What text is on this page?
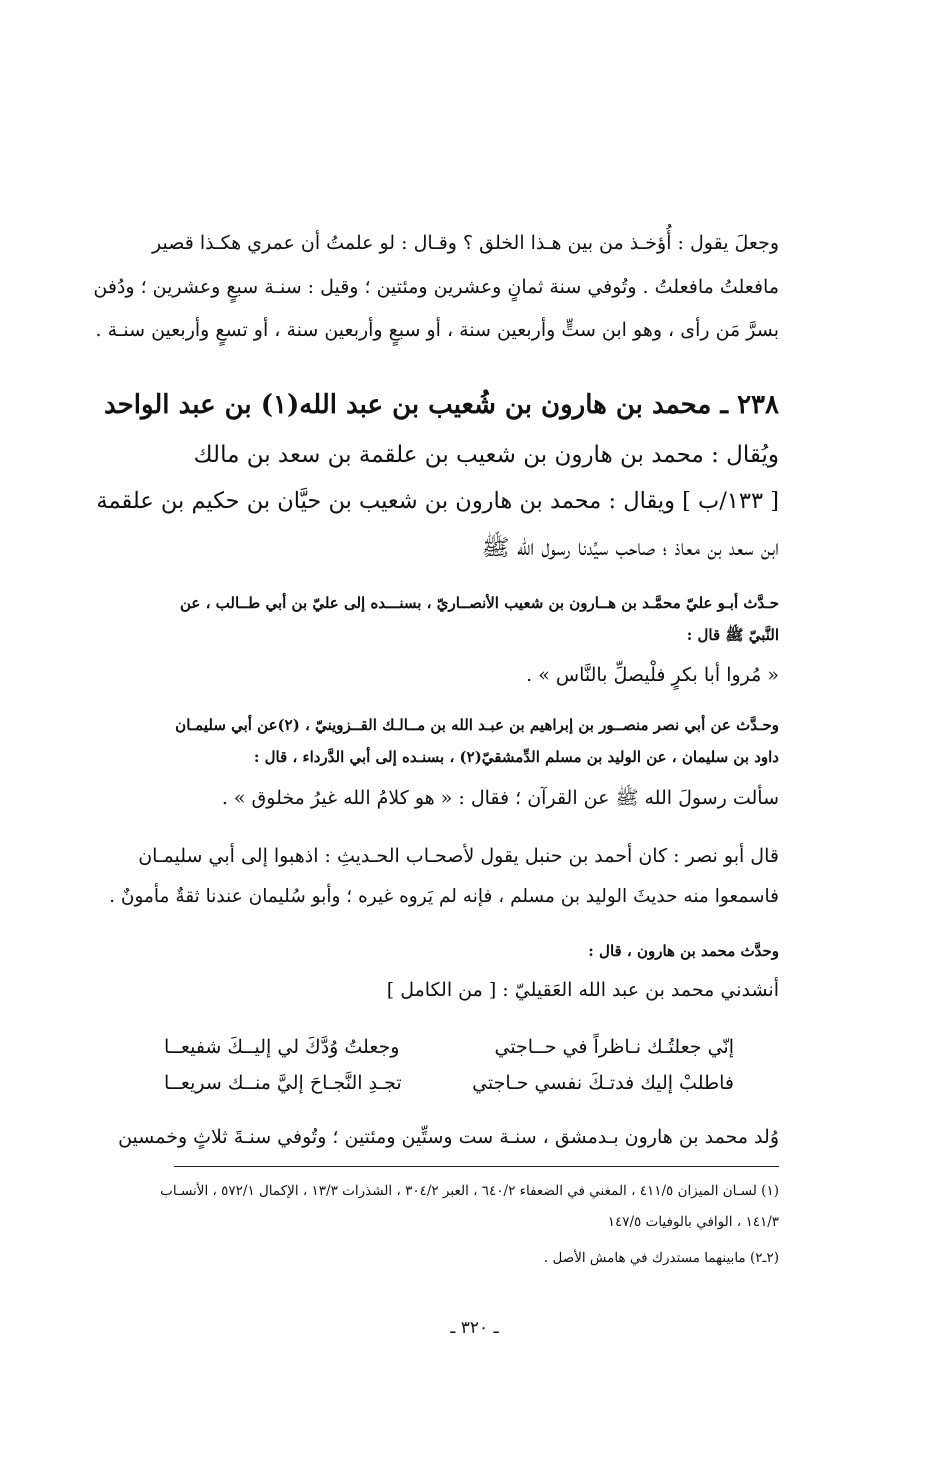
وجعلَ يقول : أُؤخـذ من بين هـذا الخلق ؟ وقـال : لو علمتُ أن عمري هكـذا قصير
مافعلتُ مافعلتُ . وتُوفي سنة ثمانٍ وعشرين ومئتين ؛ وقيل : سنـة سبعٍ وعشرين ؛ ودُفن
بسرَّ مَن رأى ، وهو ابن ستٍّ وأربعين سنة ، أو سبعٍ وأربعين سنة ، أو تسعٍ وأربعين سنـة .
٢٣٨ ـ محمد بن هارون بن شُعيب بن عبد الله(١) بن عبد الواحد
ويُقال : محمد بن هارون بن شعيب بن علقمة بن سعد بن مالك
[ ١٣٣/ب ] ويقال : محمد بن هارون بن شعيب بن حيَّان بن حكيم بن علقمة
ابن سعد بن معاذ ؛ صاحب سيِّدنا رسول الله ﷺ
حـدَّث أبـو عليّ محمَّـد بن هــارون بن شعيب الأنصــاريّ ، بسنـــده إلى عليّ بن أبي طــالب ، عن
النَّبيّ ﷺ قال :
« مُروا أبا بكرٍ فلْيصلِّ بالنَّاس » .
وحـدَّث عن أبي نصر منصــور بن إبراهيم بن عبـد الله بن مــالـك القــزوينيّ ، (٢)عن أبي سليمـان
داود بن سليمان ، عن الوليد بن مسلم الدِّمشقيّ(٢) ، بسنـده إلى أبي الدَّرداء ، قال :
سألت رسولَ الله ﷺ عن القرآن ؛ فقال : « هو كلامُ الله غيرُ مخلوق » .
قال أبو نصر : كان أحمد بن حنبل يقول لأصحـاب الحـديثِ : اذهبوا إلى أبي سليمـان
فاسمعوا منه حديثَ الوليد بن مسلم ، فإنه لم يَروه غيره ؛ وأبو سُليمان عندنا ثقةٌ مأمونٌ .
وحدَّث محمد بن هارون ، قال :
أنشدني محمد بن عبد الله العَقيليّ : [ من الكامل ]
إنّي جعلتُـك نـاظراً في حــاجتي
وجعلتُ وُدَّكَ لي إليــكَ شفيعــا
فاطلبْ إليك فدتـكَ نفسي حـاجتي
تجـدِ النَّجـاحَ إليَّ منــك سريعــا
وُلد محمد بن هارون بـدمشق ، سنـة ست وستِّين ومئتين ؛ وتُوفي سنـةَ ثلاثٍ وخمسين
(١) لسـان الميزان ٤١١/٥ ، المغني في الضعفاء ٦٤٠/٢ ، العبر ٣٠٤/٢ ، الشذرات ١٣/٣ ، الإكمال ٥٧٢/١ ، الأنسـاب
١٤١/٣ ، الوافي بالوفيات ١٤٧/٥
(٢ـ٢) مابينهما مستدرك في هامش الأصل .
ـ ٣٢٠ ـ
